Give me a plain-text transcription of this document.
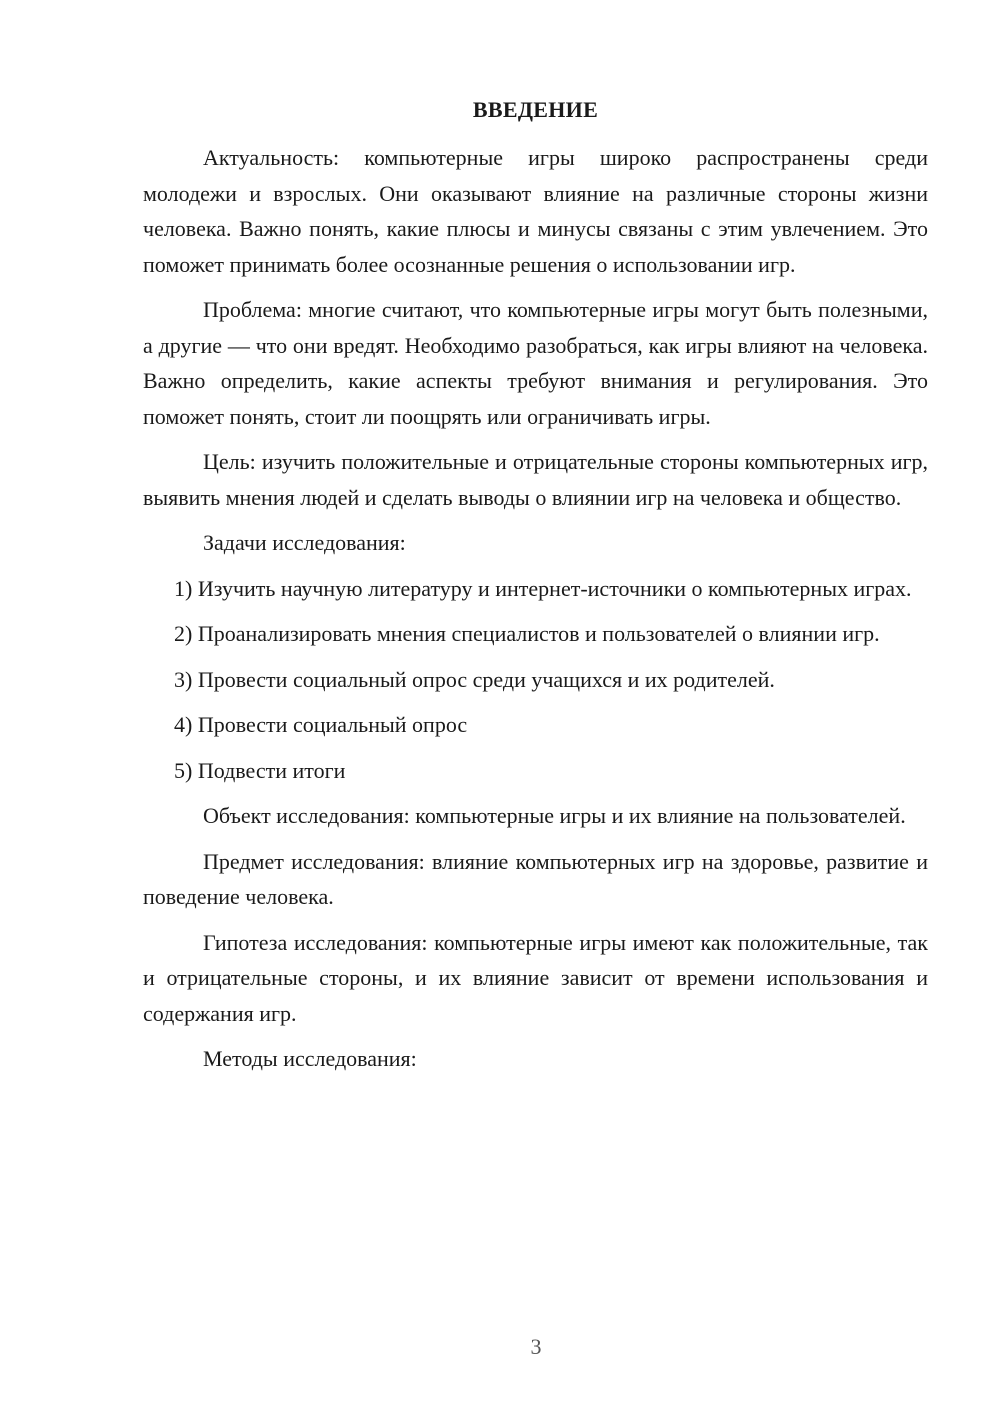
ВВЕДЕНИЕ

Актуальность: компьютерные игры широко распространены среди молодежи и взрослых. Они оказывают влияние на различные стороны жизни человека. Важно понять, какие плюсы и минусы связаны с этим увлечением. Это поможет принимать более осознанные решения о использовании игр.

Проблема: многие считают, что компьютерные игры могут быть полезными, а другие — что они вредят. Необходимо разобраться, как игры влияют на человека. Важно определить, какие аспекты требуют внимания и регулирования. Это поможет понять, стоит ли поощрять или ограничивать игры.

Цель: изучить положительные и отрицательные стороны компьютерных игр, выявить мнения людей и сделать выводы о влиянии игр на человека и общество.

Задачи исследования:

1) Изучить научную литературу и интернет-источники о компьютерных играх.

2) Проанализировать мнения специалистов и пользователей о влиянии игр.

3) Провести социальный опрос среди учащихся и их родителей.

4) Провести социальный опрос

5) Подвести итоги

Объект исследования: компьютерные игры и их влияние на пользователей.

Предмет исследования: влияние компьютерных игр на здоровье, развитие и поведение человека.

Гипотеза исследования: компьютерные игры имеют как положительные, так и отрицательные стороны, и их влияние зависит от времени использования и содержания игр.

Методы исследования:

3
